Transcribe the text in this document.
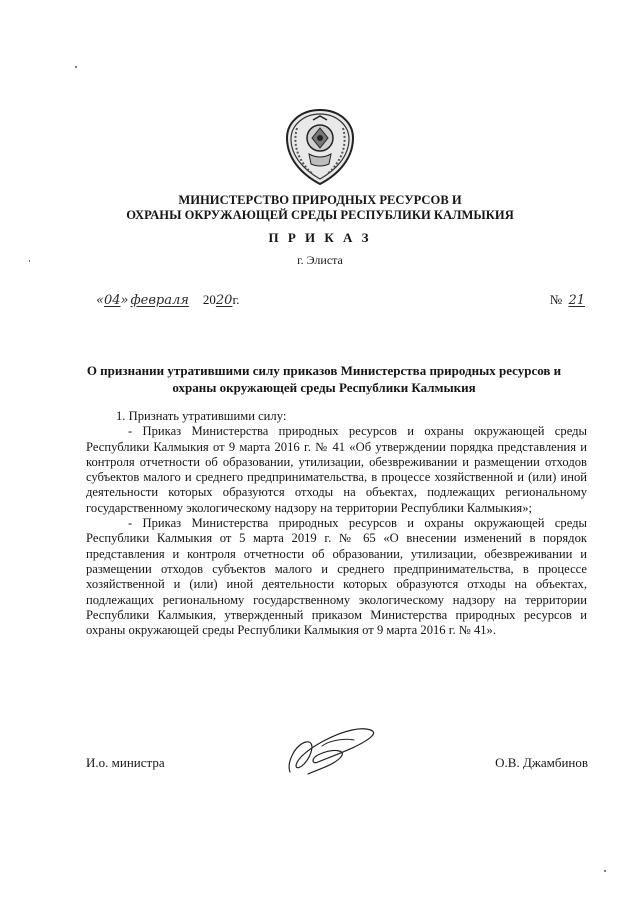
МИНИСТЕРСТВО ПРИРОДНЫХ РЕСУРСОВ И
ОХРАНЫ ОКРУЖАЮЩЕЙ СРЕДЫ РЕСПУБЛИКИ КАЛМЫКИЯ
П Р И К А З
г. Элиста
«04» февраля 2020г.	№ 21
О признании утратившими силу приказов Министерства природных ресурсов и охраны окружающей среды Республики Калмыкия

1. Признать утратившими силу:

- Приказ Министерства природных ресурсов и охраны окружающей среды Республики Калмыкия от 9 марта 2016 г. № 41 «Об утверждении порядка представления и контроля отчетности об образовании, утилизации, обезвреживании и размещении отходов субъектов малого и среднего предпринимательства, в процессе хозяйственной и (или) иной деятельности которых образуются отходы на объектах, подлежащих региональному государственному экологическому надзору на территории Республики Калмыкия»;

- Приказ Министерства природных ресурсов и охраны окружающей среды Республики Калмыкия от 5 марта 2019 г. № 65 «О внесении изменений в порядок представления и контроля отчетности об образовании, утилизации, обезвреживании и размещении отходов субъектов малого и среднего предпринимательства, в процессе хозяйственной и (или) иной деятельности которых образуются отходы на объектах, подлежащих региональному государственному экологическому надзору на территории Республики Калмыкия, утвержденный приказом Министерства природных ресурсов и охраны окружающей среды Республики Калмыкия от 9 марта 2016 г. № 41».

И.о. министра	О.В. Джамбинов
